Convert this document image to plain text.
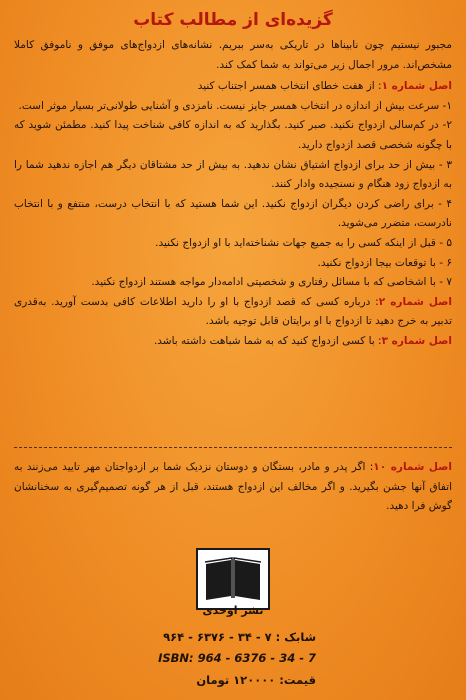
گزیده‌ای از مطالب کتاب

مجبور نیستیم چون نابینا‌ها در تاریکی به‌سر ببریم. نشانه‌های ازدواج‌های موفق و ناموفق کاملا مشخص‌اند. مرور اجمال زیر می‌تواند به شما کمک کند.

اصل شماره ۱: از هفت خطای انتخاب همسر اجتناب کنید

۱- سرعت بیش از اندازه در انتخاب همسر جایز نیست. نامزدی و آشنایی طولانی‌تر بسیار موثر است.

۲- در کم‌سالی ازدواج نکنید. صبر کنید. بگذارید که به اندازه کافی شناخت پیدا کنید. مطمئن شوید که با چگونه شخصی قصد ازدواج دارید.

۳ - بیش از حد برای ازدواج اشتیاق نشان ندهید. به بیش از حد مشتاقان دیگر هم اجازه ندهید شما را به ازدواج زود هنگام و نسنجیده وادار کنند.

۴ - برای راضی کردن دیگران ازدواج نکنید. این شما هستید که با انتخاب درست، منتفع و با انتخاب نادرست، متضرر می‌شوید.

۵ - قبل از اینکه کسی را به جمیع جهات نشناخته‌اید با او ازدواج نکنید.

۶ - با توقعات بیجا ازدواج نکنید.

۷ - با اشخاصی که با مسائل رفتاری و شخصیتی ادامه‌دار مواجه هستند ازدواج نکنید.

اصل شماره ۲: درباره کسی که قصد ازدواج با او را دارید اطلاعات کافی بدست آورید. به‌قدری تدبیر به خرج دهید تا ازدواج با او برایتان قابل توجیه باشد.

اصل شماره ۳: با کسی ازدواج کنید که به شما شباهت داشته باشد.

اصل شماره ۱۰: اگر پدر و مادر، بستگان و دوستان نزدیک شما بر ازدواجتان مهر تایید می‌زنند به اتفاق آنها جشن بگیرید. و اگر مخالف این ازدواج هستند، قبل از هر گونه تصمیم‌گیری به سخنانشان گوش فرا دهید.

نشر اوحدی
شابک : ۷ - ۳۴ - ۶۳۷۶ - ۹۶۴
ISBN: 964 - 6376 - 34 - 7
قیمت: ۱۲۰۰۰۰ تومان
